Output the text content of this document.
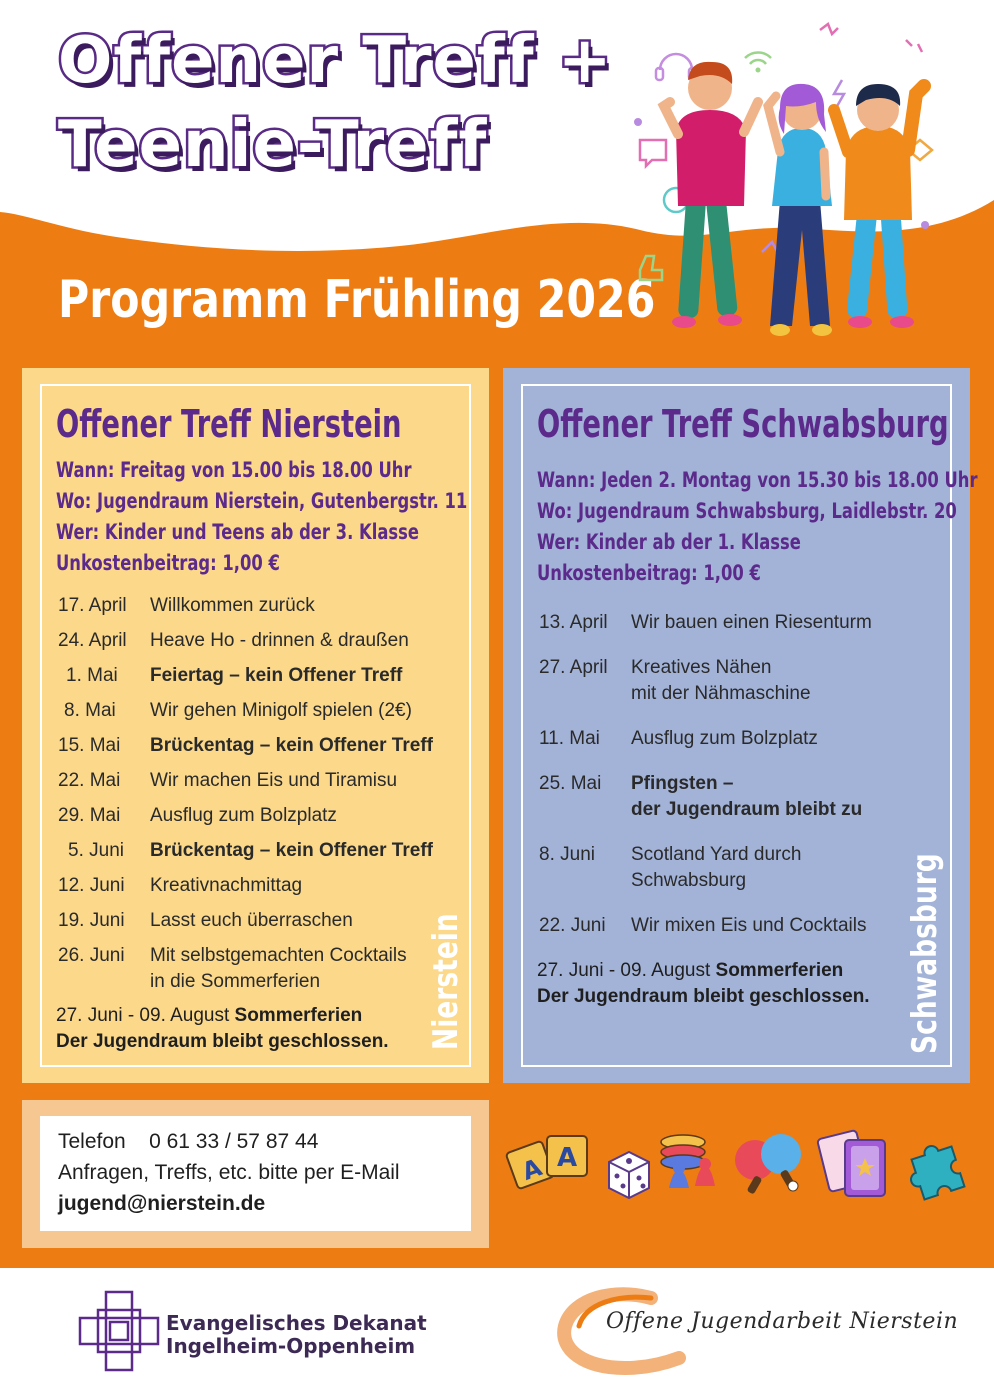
Offener Treff +
Teenie-Treff
Programm Frühling 2026
Offener Treff Nierstein
Wann: Freitag von 15.00 bis 18.00 Uhr
Wo: Jugendraum Nierstein, Gutenbergstr. 11
Wer: Kinder und Teens ab der 3. Klasse
Unkostenbeitrag: 1,00 €
17. April Willkommen zurück
24. April Heave Ho - drinnen & draußen
1. Mai Feiertag – kein Offener Treff
8. Mai Wir gehen Minigolf spielen (2€)
15. Mai Brückentag – kein Offener Treff
22. Mai Wir machen Eis und Tiramisu
29. Mai Ausflug zum Bolzplatz
5. Juni Brückentag – kein Offener Treff
12. Juni Kreativnachmittag
19. Juni Lasst euch überraschen
26. Juni Mit selbstgemachten Cocktails
in die Sommerferien
27. Juni - 09. August Sommerferien
Der Jugendraum bleibt geschlossen. Nierstein
Offener Treff Schwabsburg
Wann: Jeden 2. Montag von 15.30 bis 18.00 Uhr
Wo: Jugendraum Schwabsburg, Laidlebstr. 20
Wer: Kinder ab der 1. Klasse
Unkostenbeitrag: 1,00 €
13. April Wir bauen einen Riesenturm
27. April Kreatives Nähen
mit der Nähmaschine
11. Mai Ausflug zum Bolzplatz
25. Mai Pfingsten –
der Jugendraum bleibt zu
8. Juni Scotland Yard durch
Schwabsburg
22. Juni Wir mixen Eis und Cocktails
27. Juni - 09. August Sommerferien
Der Jugendraum bleibt geschlossen. Schwabsburg
Telefon 0 61 33 / 57 87 44
Anfragen, Treffs, etc. bitte per E-Mail
jugend@nierstein.de
A A
Evangelisches Dekanat
Ingelheim-Oppenheim
Offene Jugendarbeit Nierstein
